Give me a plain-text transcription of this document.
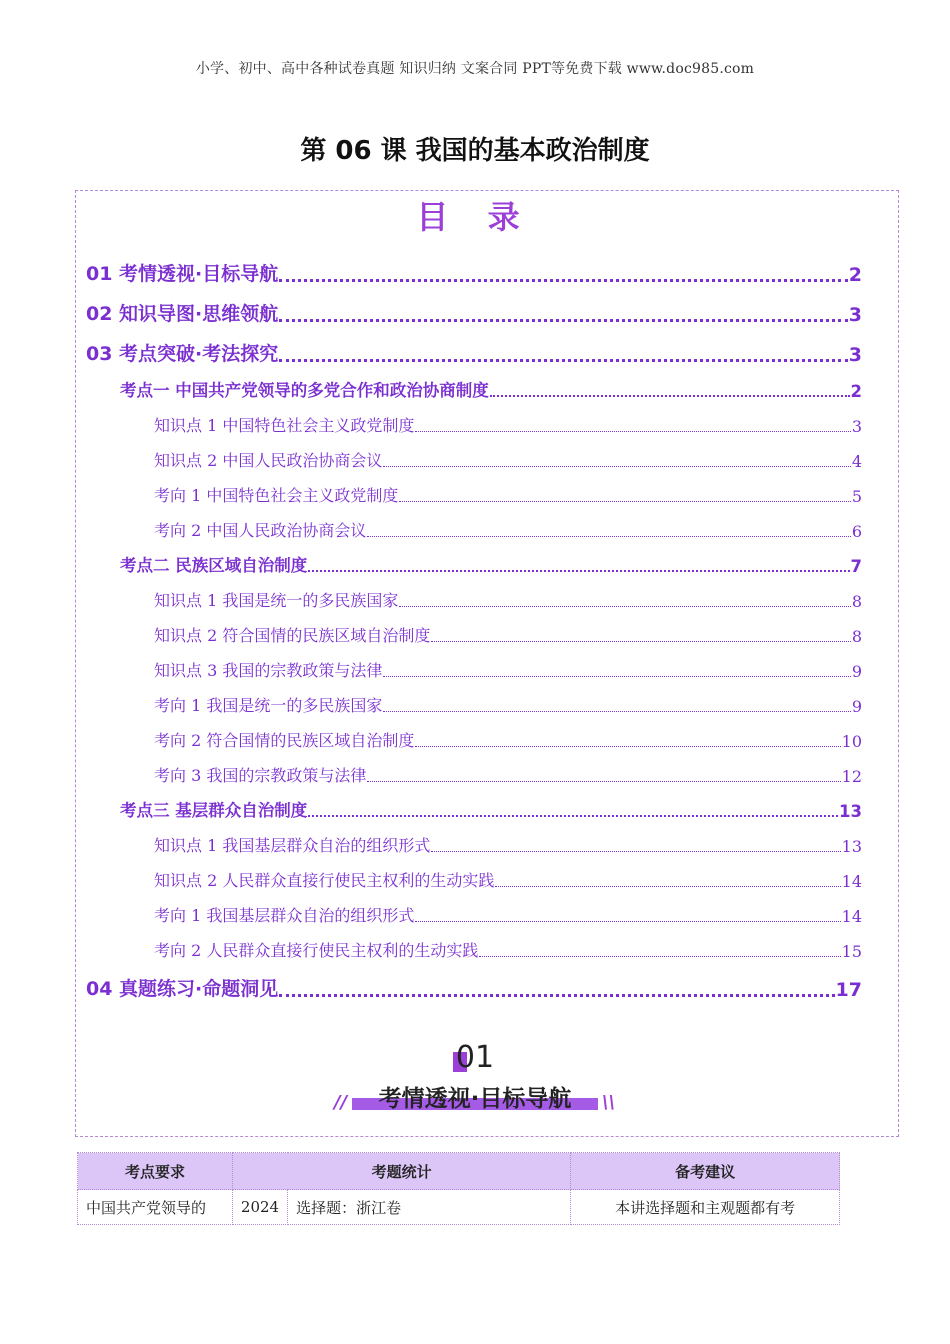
小学、初中、高中各种试卷真题 知识归纳 文案合同 PPT等免费下载 www.doc985.com
第 06 课 我国的基本政治制度
目 录
01 考情透视·目标导航	2
02 知识导图·思维领航	3
03 考点突破·考法探究	3
考点一 中国共产党领导的多党合作和政治协商制度	2
知识点 1 中国特色社会主义政党制度	3
知识点 2 中国人民政治协商会议	4
考向 1 中国特色社会主义政党制度	5
考向 2 中国人民政治协商会议	6
考点二 民族区域自治制度	7
知识点 1 我国是统一的多民族国家	8
知识点 2 符合国情的民族区域自治制度	8
知识点 3 我国的宗教政策与法律	9
考向 1 我国是统一的多民族国家	9
考向 2 符合国情的民族区域自治制度	10
考向 3 我国的宗教政策与法律	12
考点三 基层群众自治制度	13
知识点 1 我国基层群众自治的组织形式	13
知识点 2 人民群众直接行使民主权利的生动实践	14
考向 1 我国基层群众自治的组织形式	14
考向 2 人民群众直接行使民主权利的生动实践	15
04 真题练习·命题洞见	17
01
//	考情透视·目标导航	\\
考点要求	考题统计		备考建议
中国共产党领导的	2024	选择题：浙江卷	本讲选择题和主观题都有考
